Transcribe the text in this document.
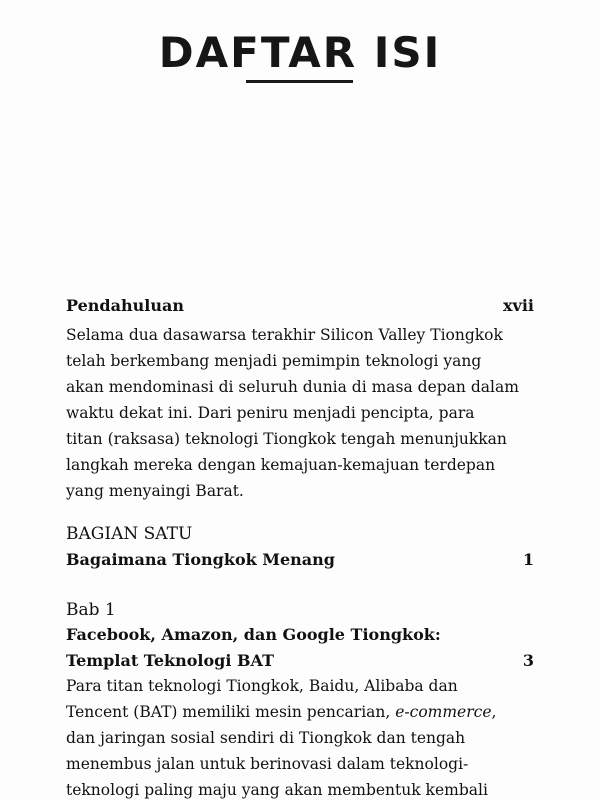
DAFTAR ISI

Pendahuluan	xvii

Selama dua dasawarsa terakhir Silicon Valley Tiongkok
telah berkembang menjadi pemimpin teknologi yang
akan mendominasi di seluruh dunia di masa depan dalam
waktu dekat ini. Dari peniru menjadi pencipta, para
titan (raksasa) teknologi Tiongkok tengah menunjukkan
langkah mereka dengan kemajuan-kemajuan terdepan
yang menyaingi Barat.

BAGIAN SATU

Bagaimana Tiongkok Menang	1

Bab 1

Facebook, Amazon, dan Google Tiongkok:

Templat Teknologi BAT	3

Para titan teknologi Tiongkok, Baidu, Alibaba dan
Tencent (BAT) memiliki mesin pencarian, e-commerce,
dan jaringan sosial sendiri di Tiongkok dan tengah
menembus jalan untuk berinovasi dalam teknologi-
teknologi paling maju yang akan membentuk kembali
